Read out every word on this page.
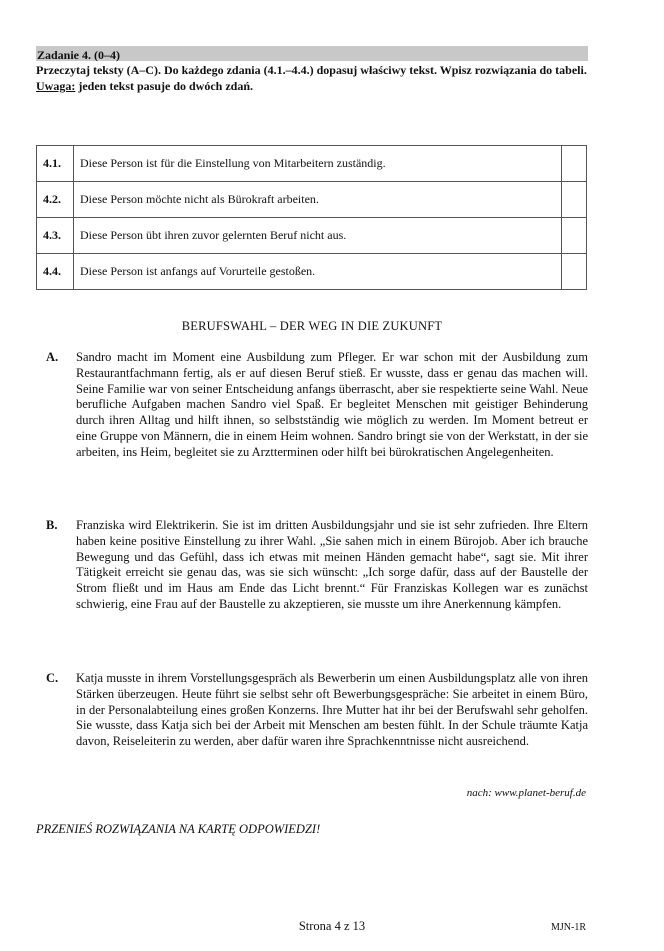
Zadanie 4. (0–4)
Przeczytaj teksty (A–C). Do każdego zdania (4.1.–4.4.) dopasuj właściwy tekst. Wpisz rozwiązania do tabeli.
Uwaga: jeden tekst pasuje do dwóch zdań.
4.1.	Diese Person ist für die Einstellung von Mitarbeitern zuständig.	
4.2.	Diese Person möchte nicht als Bürokraft arbeiten.	
4.3.	Diese Person übt ihren zuvor gelernten Beruf nicht aus.	
4.4.	Diese Person ist anfangs auf Vorurteile gestoßen.	
BERUFSWAHL – DER WEG IN DIE ZUKUNFT
A. Sandro macht im Moment eine Ausbildung zum Pfleger. Er war schon mit der Ausbildung zum Restaurantfachmann fertig, als er auf diesen Beruf stieß. Er wusste, dass er genau das machen will. Seine Familie war von seiner Entscheidung anfangs überrascht, aber sie respektierte seine Wahl. Neue berufliche Aufgaben machen Sandro viel Spaß. Er begleitet Menschen mit geistiger Behinderung durch ihren Alltag und hilft ihnen, so selbstständig wie möglich zu werden. Im Moment betreut er eine Gruppe von Männern, die in einem Heim wohnen. Sandro bringt sie von der Werkstatt, in der sie arbeiten, ins Heim, begleitet sie zu Arztterminen oder hilft bei bürokratischen Angelegenheiten.
B. Franziska wird Elektrikerin. Sie ist im dritten Ausbildungsjahr und sie ist sehr zufrieden. Ihre Eltern haben keine positive Einstellung zu ihrer Wahl. „Sie sahen mich in einem Bürojob. Aber ich brauche Bewegung und das Gefühl, dass ich etwas mit meinen Händen gemacht habe“, sagt sie. Mit ihrer Tätigkeit erreicht sie genau das, was sie sich wünscht: „Ich sorge dafür, dass auf der Baustelle der Strom fließt und im Haus am Ende das Licht brennt.“ Für Franziskas Kollegen war es zunächst schwierig, eine Frau auf der Baustelle zu akzeptieren, sie musste um ihre Anerkennung kämpfen.
C. Katja musste in ihrem Vorstellungsgespräch als Bewerberin um einen Ausbildungsplatz alle von ihren Stärken überzeugen. Heute führt sie selbst sehr oft Bewerbungsgespräche: Sie arbeitet in einem Büro, in der Personalabteilung eines großen Konzerns. Ihre Mutter hat ihr bei der Berufswahl sehr geholfen. Sie wusste, dass Katja sich bei der Arbeit mit Menschen am besten fühlt. In der Schule träumte Katja davon, Reiseleiterin zu werden, aber dafür waren ihre Sprachkenntnisse nicht ausreichend.
nach: www.planet-beruf.de
PRZENIEŚ ROZWIĄZANIA NA KARTĘ ODPOWIEDZI!
Strona 4 z 13	MJN-1R
